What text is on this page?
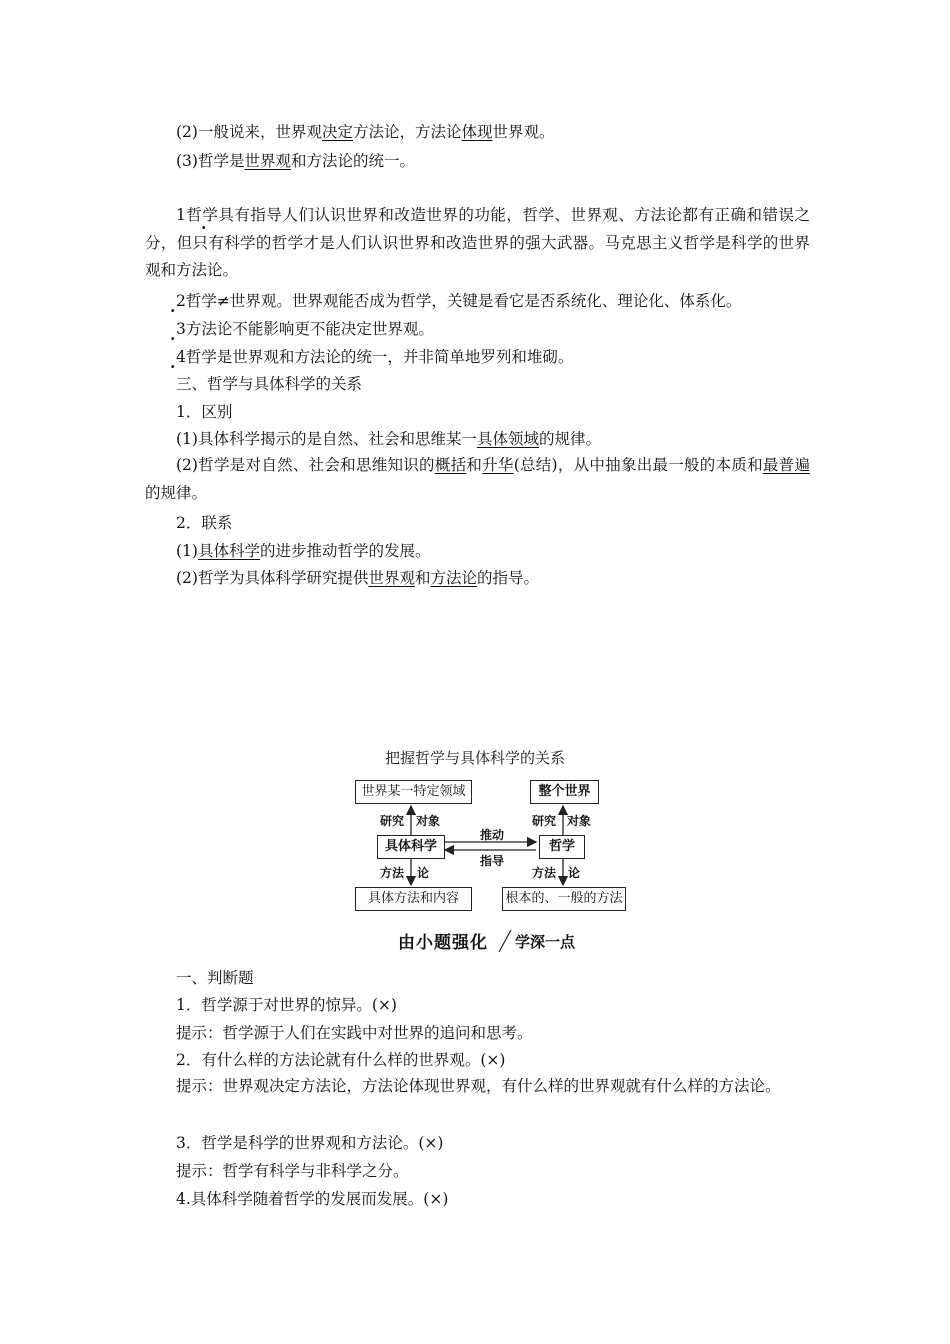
(2)一般说来，世界观决定方法论，方法论体现世界观。
(3)哲学是世界观和方法论的统一。
. 1哲学具有指导人们认识世界和改造世界的功能，哲学、世界观、方法论都有正确和错误之分，但只有科学的哲学才是人们认识世界和改造世界的强大武器。马克思主义哲学是科学的世界观和方法论。
. 2哲学≠世界观。世界观能否成为哲学，关键是看它是否系统化、理论化、体系化。
. 3方法论不能影响更不能决定世界观。
. 4哲学是世界观和方法论的统一，并非简单地罗列和堆砌。
三、哲学与具体科学的关系
1．区别
(1)具体科学揭示的是自然、社会和思维某一具体领域的规律。
(2)哲学是对自然、社会和思维知识的概括和升华(总结)，从中抽象出最一般的本质和最普遍的规律。
2．联系
(1)具体科学的进步推动哲学的发展。
(2)哲学为具体科学研究提供世界观和方法论的指导。
把握哲学与具体科学的关系
世界某一特定领域	整个世界
具体科学	哲学
具体方法和内容	根本的、一般的方法
研究 对象	研究 对象
推动
指导
方法 论	方法 论
由小题强化 学深一点
一、判断题
1．哲学源于对世界的惊异。(×)
提示：哲学源于人们在实践中对世界的追问和思考。
2．有什么样的方法论就有什么样的世界观。(×)
提示：世界观决定方法论，方法论体现世界观，有什么样的世界观就有什么样的方法论。
3．哲学是科学的世界观和方法论。(×)
提示：哲学有科学与非科学之分。
4.具体科学随着哲学的发展而发展。(×)
